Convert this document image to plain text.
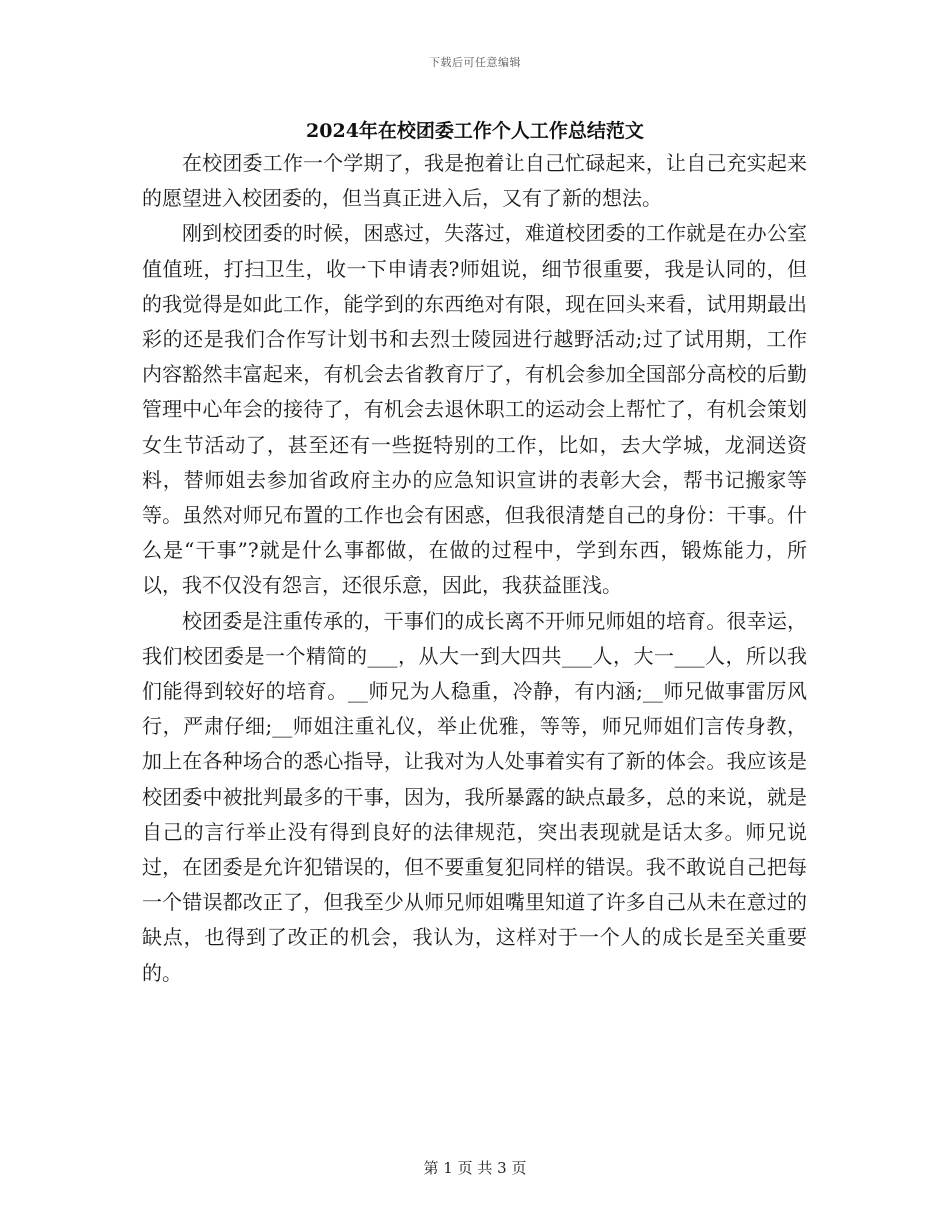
下载后可任意编辑
2024年在校团委工作个人工作总结范文

在校团委工作一个学期了，我是抱着让自己忙碌起来，让自己充实起来的愿望进入校团委的，但当真正进入后，又有了新的想法。

刚到校团委的时候，困惑过，失落过，难道校团委的工作就是在办公室值值班，打扫卫生，收一下申请表?师姐说，细节很重要，我是认同的，但的我觉得是如此工作，能学到的东西绝对有限，现在回头来看，试用期最出彩的还是我们合作写计划书和去烈士陵园进行越野活动;过了试用期，工作内容豁然丰富起来，有机会去省教育厅了，有机会参加全国部分高校的后勤管理中心年会的接待了，有机会去退休职工的运动会上帮忙了，有机会策划女生节活动了，甚至还有一些挺特别的工作，比如，去大学城，龙洞送资料，替师姐去参加省政府主办的应急知识宣讲的表彰大会，帮书记搬家等等。虽然对师兄布置的工作也会有困惑，但我很清楚自己的身份：干事。什么是“干事”?就是什么事都做，在做的过程中，学到东西，锻炼能力，所以，我不仅没有怨言，还很乐意，因此，我获益匪浅。

校团委是注重传承的，干事们的成长离不开师兄师姐的培育。很幸运，我们校团委是一个精简的___，从大一到大四共___人，大一___人，所以我们能得到较好的培育。__师兄为人稳重，冷静，有内涵;__师兄做事雷厉风行，严肃仔细;__师姐注重礼仪，举止优雅，等等，师兄师姐们言传身教，加上在各种场合的悉心指导，让我对为人处事着实有了新的体会。我应该是校团委中被批判最多的干事，因为，我所暴露的缺点最多，总的来说，就是自己的言行举止没有得到良好的法律规范，突出表现就是话太多。师兄说过，在团委是允许犯错误的，但不要重复犯同样的错误。我不敢说自己把每一个错误都改正了，但我至少从师兄师姐嘴里知道了许多自己从未在意过的缺点，也得到了改正的机会，我认为，这样对于一个人的成长是至关重要的。

第 1 页 共 3 页
